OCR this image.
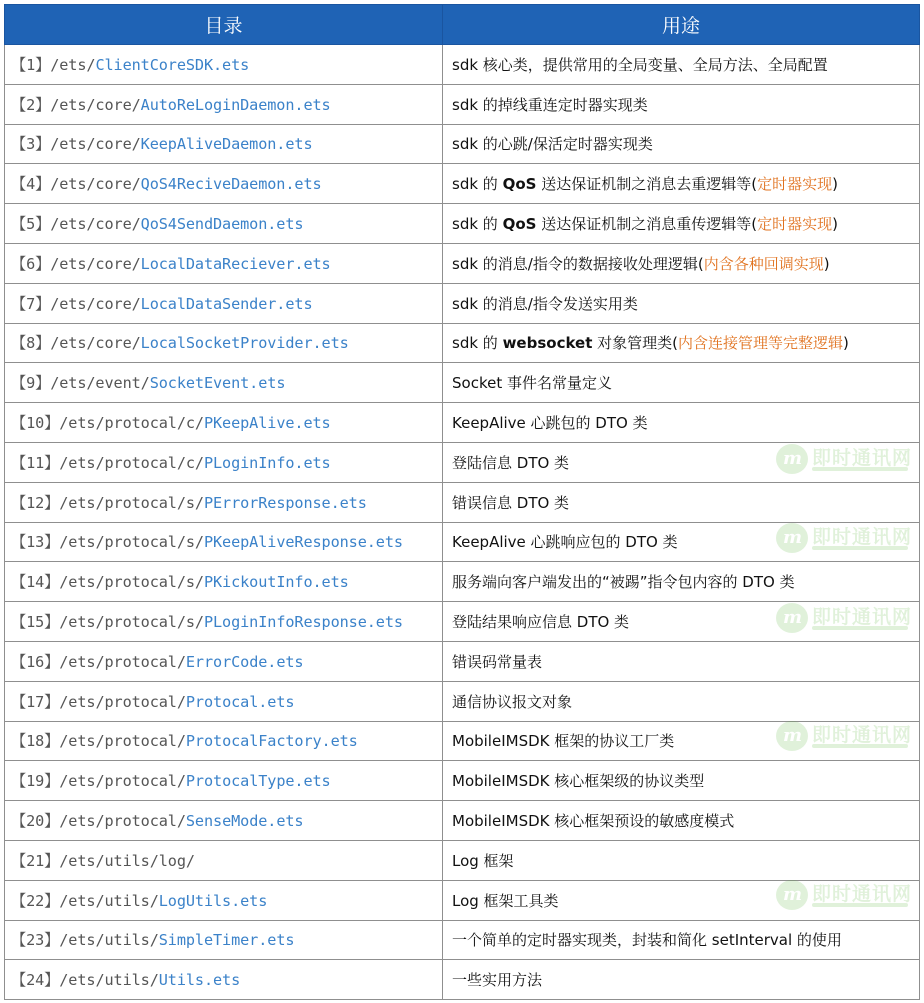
目录	用途
【1】/ets/ClientCoreSDK.ets	sdk 核心类，提供常用的全局变量、全局方法、全局配置
【2】/ets/core/AutoReLoginDaemon.ets	sdk 的掉线重连定时器实现类
【3】/ets/core/KeepAliveDaemon.ets	sdk 的心跳/保活定时器实现类
【4】/ets/core/QoS4ReciveDaemon.ets	sdk 的 QoS 送达保证机制之消息去重逻辑等(定时器实现)
【5】/ets/core/QoS4SendDaemon.ets	sdk 的 QoS 送达保证机制之消息重传逻辑等(定时器实现)
【6】/ets/core/LocalDataReciever.ets	sdk 的消息/指令的数据接收处理逻辑(内含各种回调实现)
【7】/ets/core/LocalDataSender.ets	sdk 的消息/指令发送实用类
【8】/ets/core/LocalSocketProvider.ets	sdk 的 websocket 对象管理类(内含连接管理等完整逻辑)
【9】/ets/event/SocketEvent.ets	Socket 事件名常量定义
【10】/ets/protocal/c/PKeepAlive.ets	KeepAlive 心跳包的 DTO 类
【11】/ets/protocal/c/PLoginInfo.ets	登陆信息 DTO 类
【12】/ets/protocal/s/PErrorResponse.ets	错误信息 DTO 类
【13】/ets/protocal/s/PKeepAliveResponse.ets	KeepAlive 心跳响应包的 DTO 类
【14】/ets/protocal/s/PKickoutInfo.ets	服务端向客户端发出的“被踢”指令包内容的 DTO 类
【15】/ets/protocal/s/PLoginInfoResponse.ets	登陆结果响应信息 DTO 类
【16】/ets/protocal/ErrorCode.ets	错误码常量表
【17】/ets/protocal/Protocal.ets	通信协议报文对象
【18】/ets/protocal/ProtocalFactory.ets	MobileIMSDK 框架的协议工厂类
【19】/ets/protocal/ProtocalType.ets	MobileIMSDK 核心框架级的协议类型
【20】/ets/protocal/SenseMode.ets	MobileIMSDK 核心框架预设的敏感度模式
【21】/ets/utils/log/	Log 框架
【22】/ets/utils/LogUtils.ets	Log 框架工具类
【23】/ets/utils/SimpleTimer.ets	一个简单的定时器实现类，封装和简化 setInterval 的使用
【24】/ets/utils/Utils.ets	一些实用方法
m 即时通讯网
m 即时通讯网
m 即时通讯网
m 即时通讯网
m 即时通讯网
